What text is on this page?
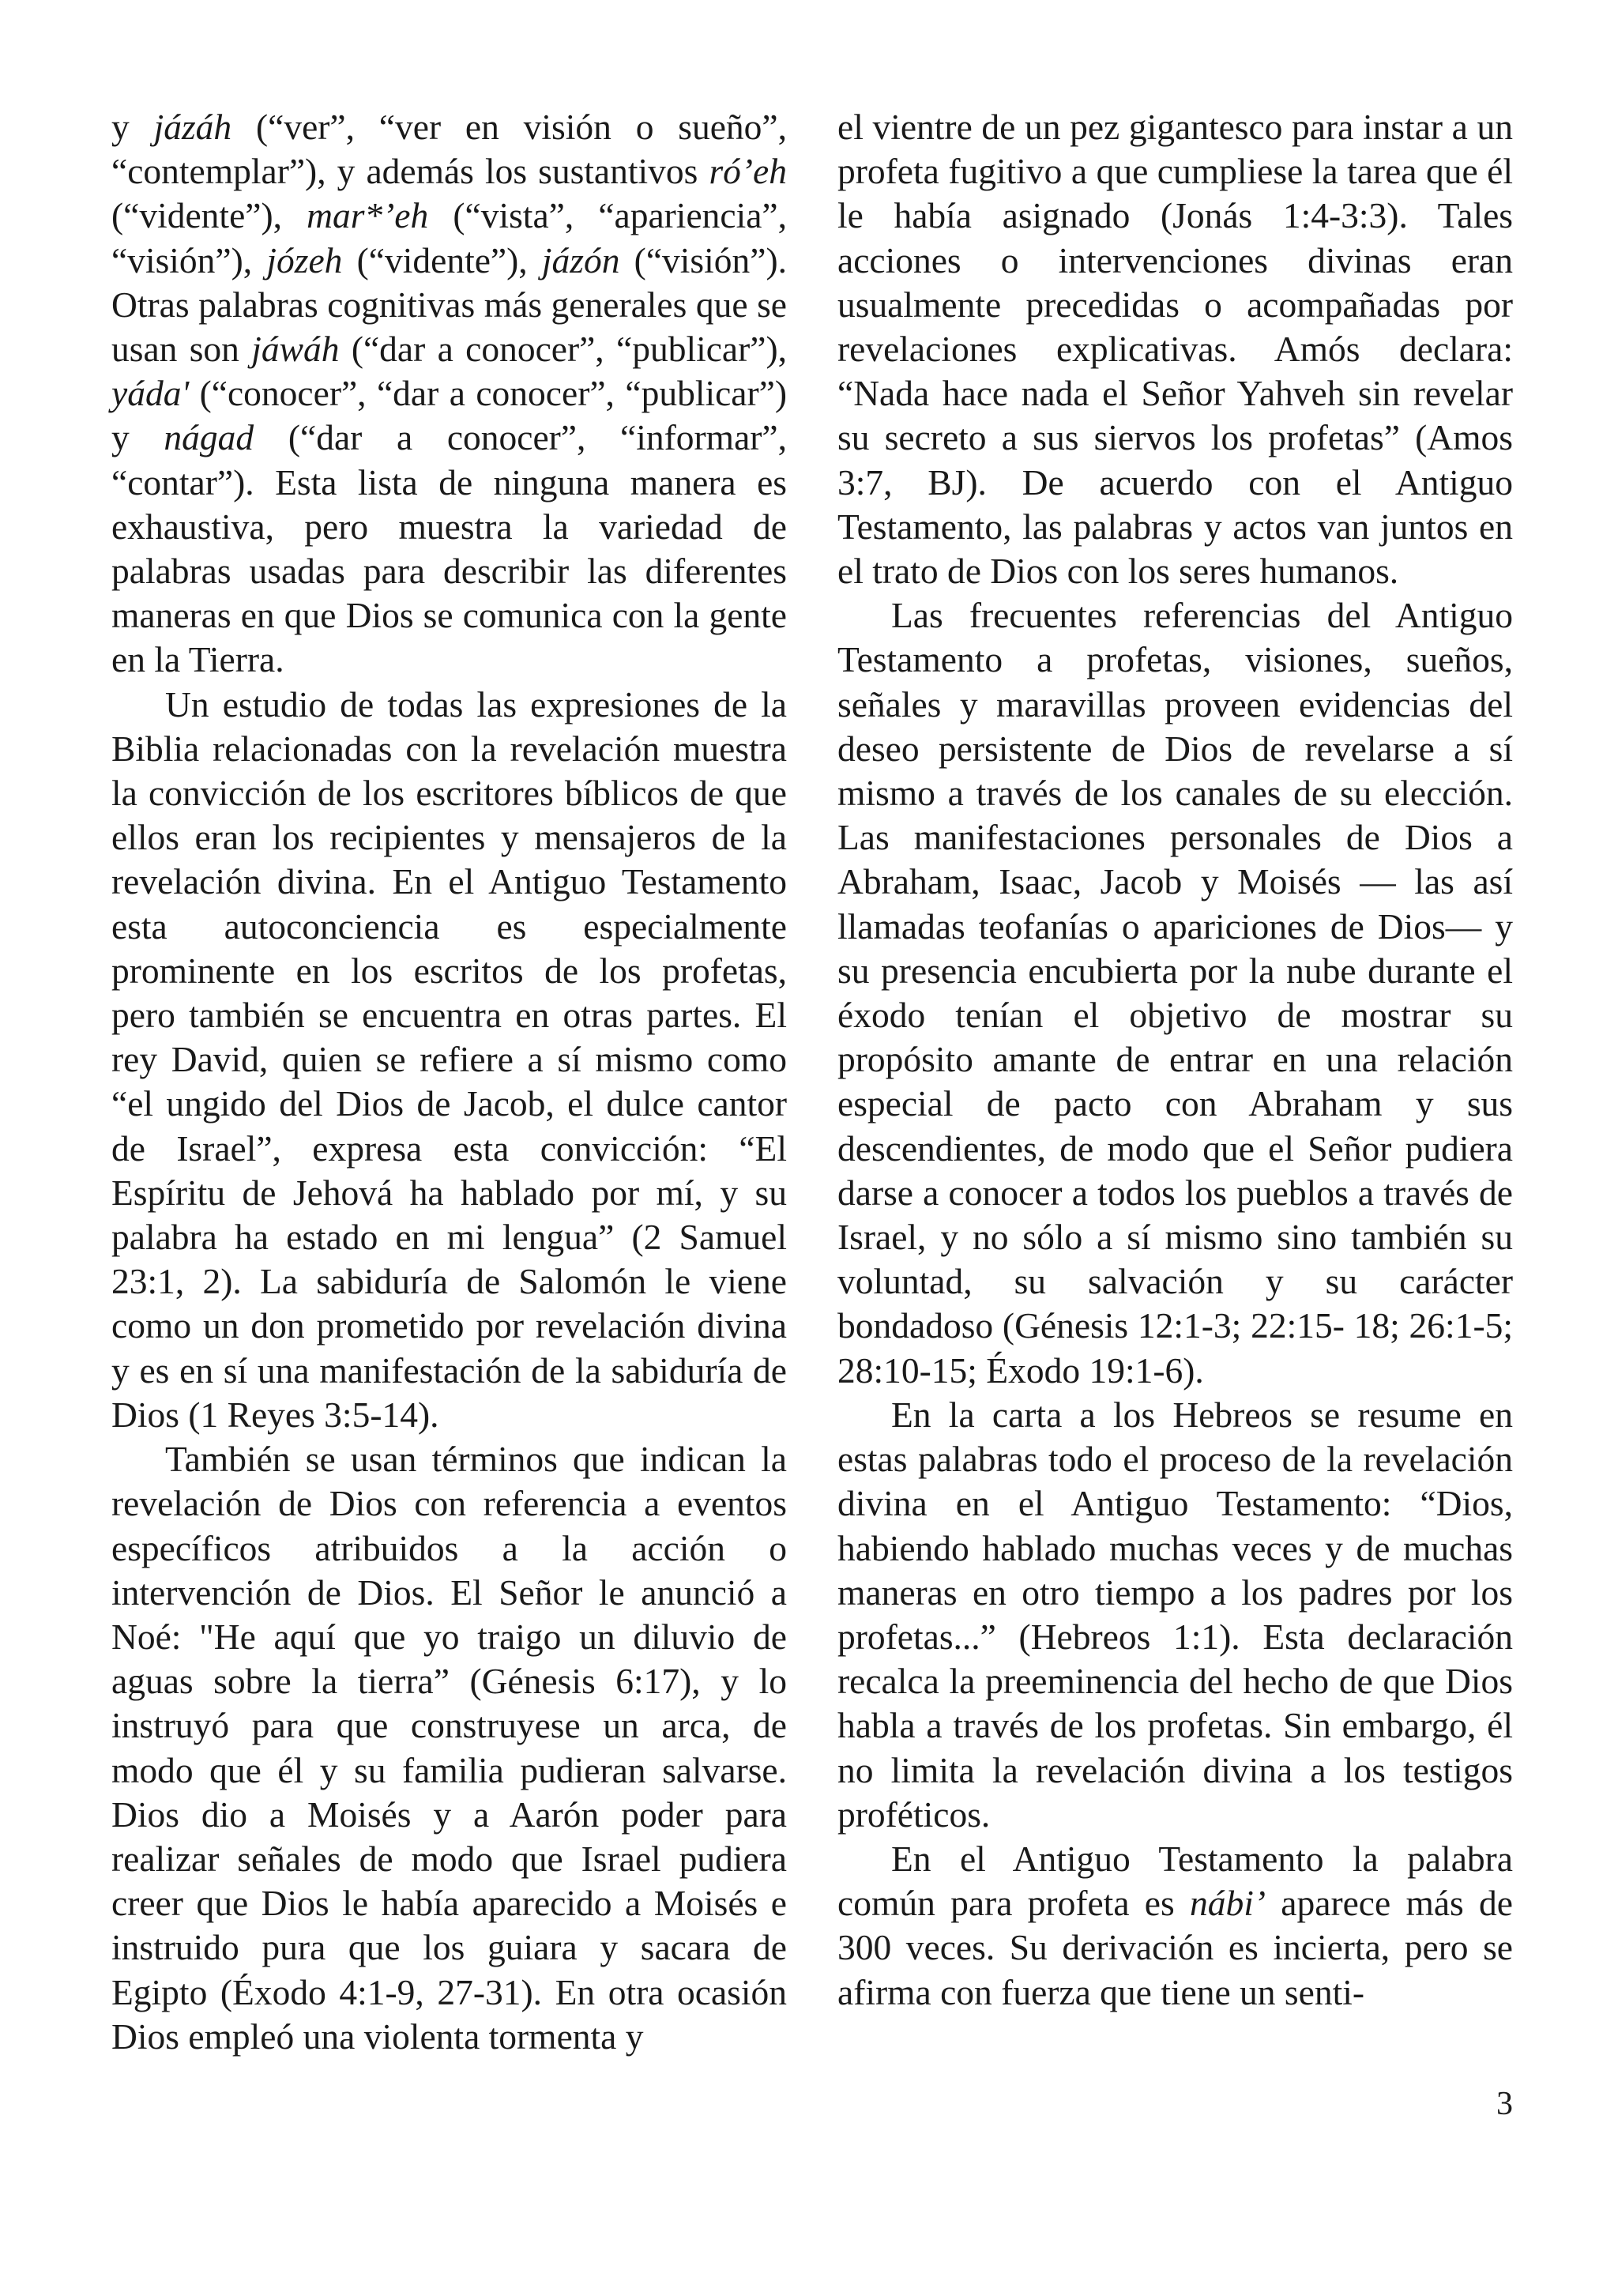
y jázáh (“ver”, “ver en visión o sueño”, “contemplar”), y además los sustantivos ró’eh (“vidente”), mar*’eh (“vista”, “apariencia”, “visión”), józeh (“vidente”), jázón (“visión”). Otras palabras cognitivas más generales que se usan son jáwáh (“dar a conocer”, “publicar”), yáda' (“conocer”, “dar a conocer”, “publicar”) y nágad (“dar a conocer”, “informar”, “contar”). Esta lista de ninguna manera es exhaustiva, pero muestra la variedad de palabras usadas para describir las diferentes maneras en que Dios se comunica con la gente en la Tierra.

Un estudio de todas las expresiones de la Biblia relacionadas con la revelación muestra la convicción de los escritores bíblicos de que ellos eran los recipientes y mensajeros de la revelación divina. En el Antiguo Testamento esta autoconciencia es especialmente prominente en los escritos de los profetas, pero también se encuentra en otras partes. El rey David, quien se refiere a sí mismo como “el ungido del Dios de Jacob, el dulce cantor de Israel”, expresa esta convicción: “El Espíritu de Jehová ha hablado por mí, y su palabra ha estado en mi lengua” (2 Samuel 23:1, 2). La sabiduría de Salomón le viene como un don prometido por revelación divina y es en sí una manifestación de la sabiduría de Dios (1 Reyes 3:5-14).

También se usan términos que indican la revelación de Dios con referencia a eventos específicos atribuidos a la acción o intervención de Dios. El Señor le anunció a Noé: "He aquí que yo traigo un diluvio de aguas sobre la tierra” (Génesis 6:17), y lo instruyó para que construyese un arca, de modo que él y su familia pudieran salvarse. Dios dio a Moisés y a Aarón poder para realizar señales de modo que Israel pudiera creer que Dios le había aparecido a Moisés e instruido pura que los guiara y sacara de Egipto (Éxodo 4:1-9, 27-31). En otra ocasión Dios empleó una violenta tormenta y

el vientre de un pez gigantesco para instar a un profeta fugitivo a que cumpliese la tarea que él le había asignado (Jonás 1:4-3:3). Tales acciones o intervenciones divinas eran usualmente precedidas o acompañadas por revelaciones explicativas. Amós declara: “Nada hace nada el Señor Yahveh sin revelar su secreto a sus siervos los profetas” (Amos 3:7, BJ). De acuerdo con el Antiguo Testamento, las palabras y actos van juntos en el trato de Dios con los seres humanos.

Las frecuentes referencias del Antiguo Testamento a profetas, visiones, sueños, señales y maravillas proveen evidencias del deseo persistente de Dios de revelarse a sí mismo a través de los canales de su elección. Las manifestaciones personales de Dios a Abraham, Isaac, Jacob y Moisés — las así llamadas teofanías o apariciones de Dios— y su presencia encubierta por la nube durante el éxodo tenían el objetivo de mostrar su propósito amante de entrar en una relación especial de pacto con Abraham y sus descendientes, de modo que el Señor pudiera darse a conocer a todos los pueblos a través de Israel, y no sólo a sí mismo sino también su voluntad, su salvación y su carácter bondadoso (Génesis 12:1-3; 22:15- 18; 26:1-5; 28:10-15; Éxodo 19:1-6).

En la carta a los Hebreos se resume en estas palabras todo el proceso de la revelación divina en el Antiguo Testamento: “Dios, habiendo hablado muchas veces y de muchas maneras en otro tiempo a los padres por los profetas...” (Hebreos 1:1). Esta declaración recalca la preeminencia del hecho de que Dios habla a través de los profetas. Sin embargo, él no limita la revelación divina a los testigos proféticos.

En el Antiguo Testamento la palabra común para profeta es nábi’ aparece más de 300 veces. Su derivación es incierta, pero se afirma con fuerza que tiene un senti-

3
